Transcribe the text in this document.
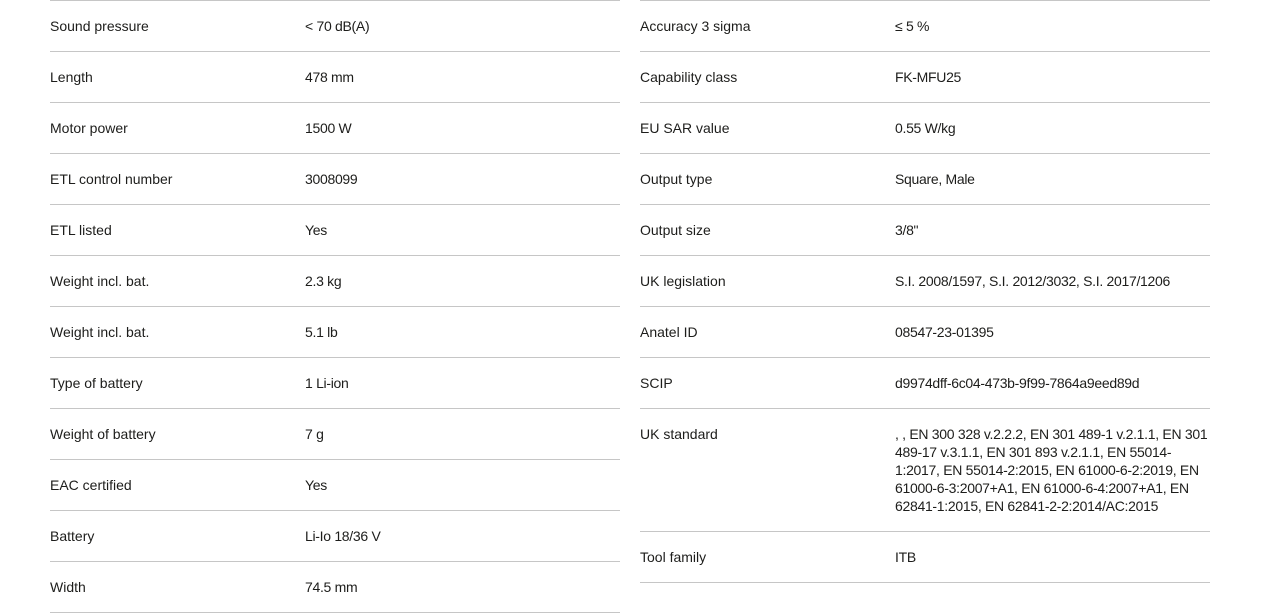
Sound pressure	< 70 dB(A)
Length	478 mm
Motor power	1500 W
ETL control number	3008099
ETL listed	Yes
Weight incl. bat.	2.3 kg
Weight incl. bat.	5.1 lb
Type of battery	1 Li-ion
Weight of battery	7 g
EAC certified	Yes
Battery	Li-Io 18/36 V
Width	74.5 mm
Accuracy 3 sigma	≤ 5 %
Capability class	FK-MFU25
EU SAR value	0.55 W/kg
Output type	Square, Male
Output size	3/8"
UK legislation	S.I. 2008/1597, S.I. 2012/3032, S.I. 2017/1206
Anatel ID	08547-23-01395
SCIP	d9974dff-6c04-473b-9f99-7864a9eed89d
UK standard	, , EN 300 328 v.2.2.2, EN 301 489-1 v.2.1.1, EN 301 489-17 v.3.1.1, EN 301 893 v.2.1.1, EN 55014-1:2017, EN 55014-2:2015, EN 61000-6-2:2019, EN 61000-6-3:2007+A1, EN 61000-6-4:2007+A1, EN 62841-1:2015, EN 62841-2-2:2014/AC:2015
Tool family	ITB
